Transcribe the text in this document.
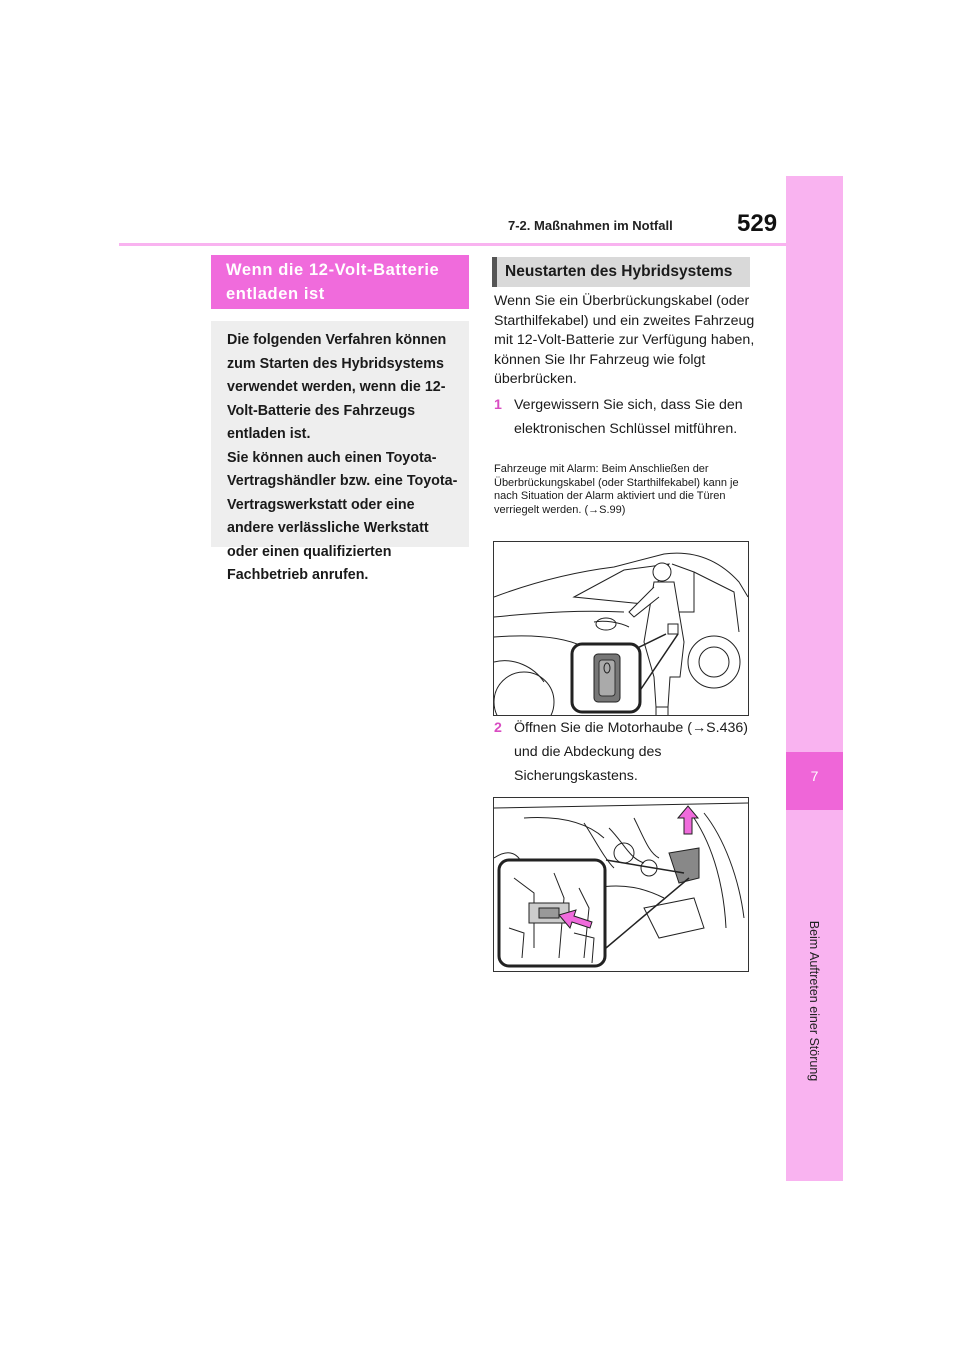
7
Beim Auftreten einer Störung
7-2. Maßnahmen im Notfall	529
Wenn die 12-Volt-Batterie entladen ist

Die folgenden Verfahren können zum Starten des Hybridsystems verwendet werden, wenn die 12-Volt-Batterie des Fahrzeugs entladen ist.

Sie können auch einen Toyota-Vertragshändler bzw. eine Toyota-Vertragswerkstatt oder eine andere verlässliche Werkstatt oder einen qualifizierten Fachbetrieb anrufen.

Neustarten des Hybridsystems

Wenn Sie ein Überbrückungskabel (oder Starthilfekabel) und ein zweites Fahrzeug mit 12-Volt-Batterie zur Verfügung haben, können Sie Ihr Fahrzeug wie folgt überbrücken.

1 Vergewissern Sie sich, dass Sie den elektronischen Schlüssel mitführen.

Fahrzeuge mit Alarm: Beim Anschließen der Überbrückungskabel (oder Starthilfekabel) kann je nach Situation der Alarm aktiviert und die Türen verriegelt werden. (→S.99)

2 Öffnen Sie die Motorhaube (→S.436) und die Abdeckung des Sicherungskastens.
